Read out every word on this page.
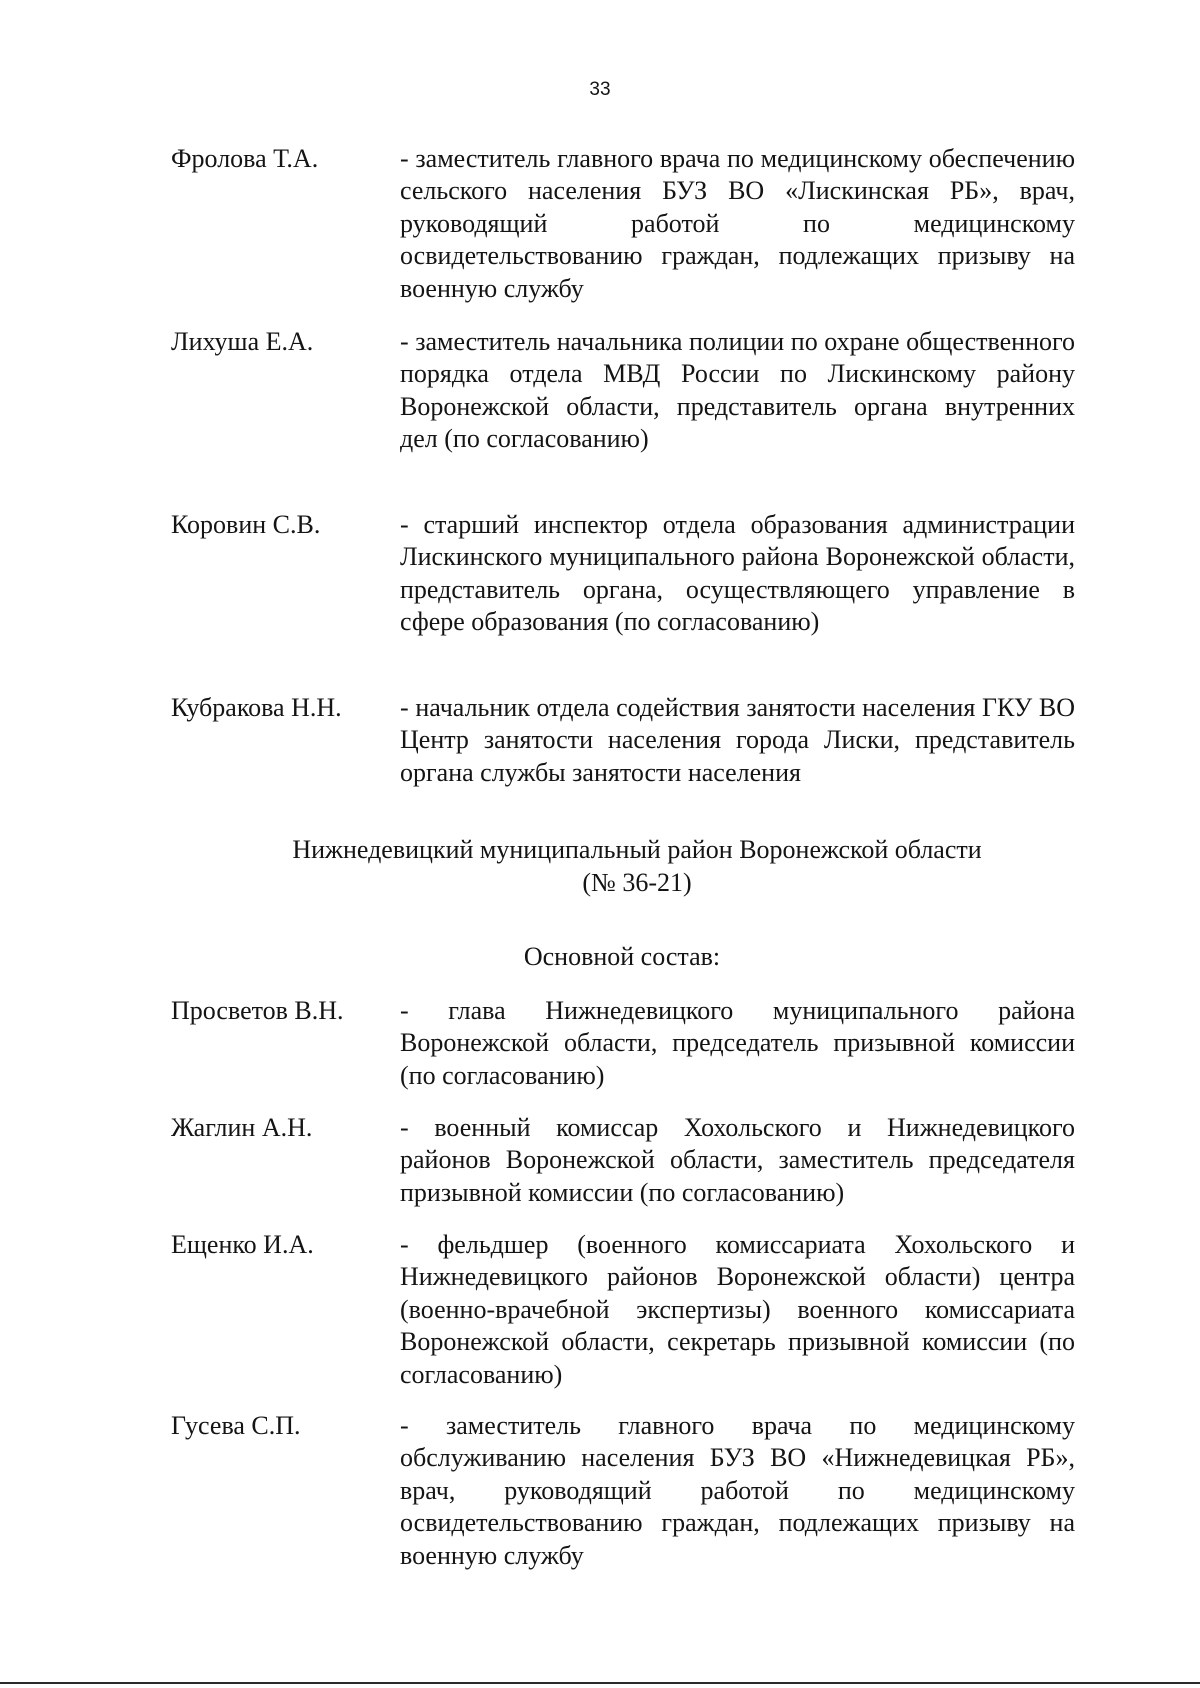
33
Фролова Т.А.	- заместитель главного врача по медицинскому обеспечению сельского населения БУЗ ВО «Лискинская РБ», врач, руководящий работой по медицинскому освидетельствованию граждан, подлежащих призыву на военную службу
Лихуша Е.А.	- заместитель начальника полиции по охране общественного порядка отдела МВД России по Лискинскому району Воронежской области, представитель органа внутренних дел (по согласованию)
Коровин С.В.	- старший инспектор отдела образования администрации Лискинского муниципального района Воронежской области, представитель органа, осуществляющего управление в сфере образования (по согласованию)
Кубракова Н.Н. - начальник отдела содействия занятости населения ГКУ ВО Центр занятости населения города Лиски, представитель органа службы занятости населения
Нижнедевицкий муниципальный район Воронежской области
(№ 36-21)
Основной состав:
Просветов В.Н. - глава Нижнедевицкого муниципального района Воронежской области, председатель призывной комиссии (по согласованию)
Жаглин А.Н.	- военный комиссар Хохольского и Нижнедевицкого районов Воронежской области, заместитель председателя призывной комиссии (по согласованию)
Ещенко И.А.	- фельдшер (военного комиссариата Хохольского и Нижнедевицкого районов Воронежской области) центра (военно-врачебной экспертизы) военного комиссариата Воронежской области, секретарь призывной комиссии (по согласованию)
Гусева С.П.	- заместитель главного врача по медицинскому обслуживанию населения БУЗ ВО «Нижнедевицкая РБ», врач, руководящий работой по медицинскому освидетельствованию граждан, подлежащих призыву на военную службу
